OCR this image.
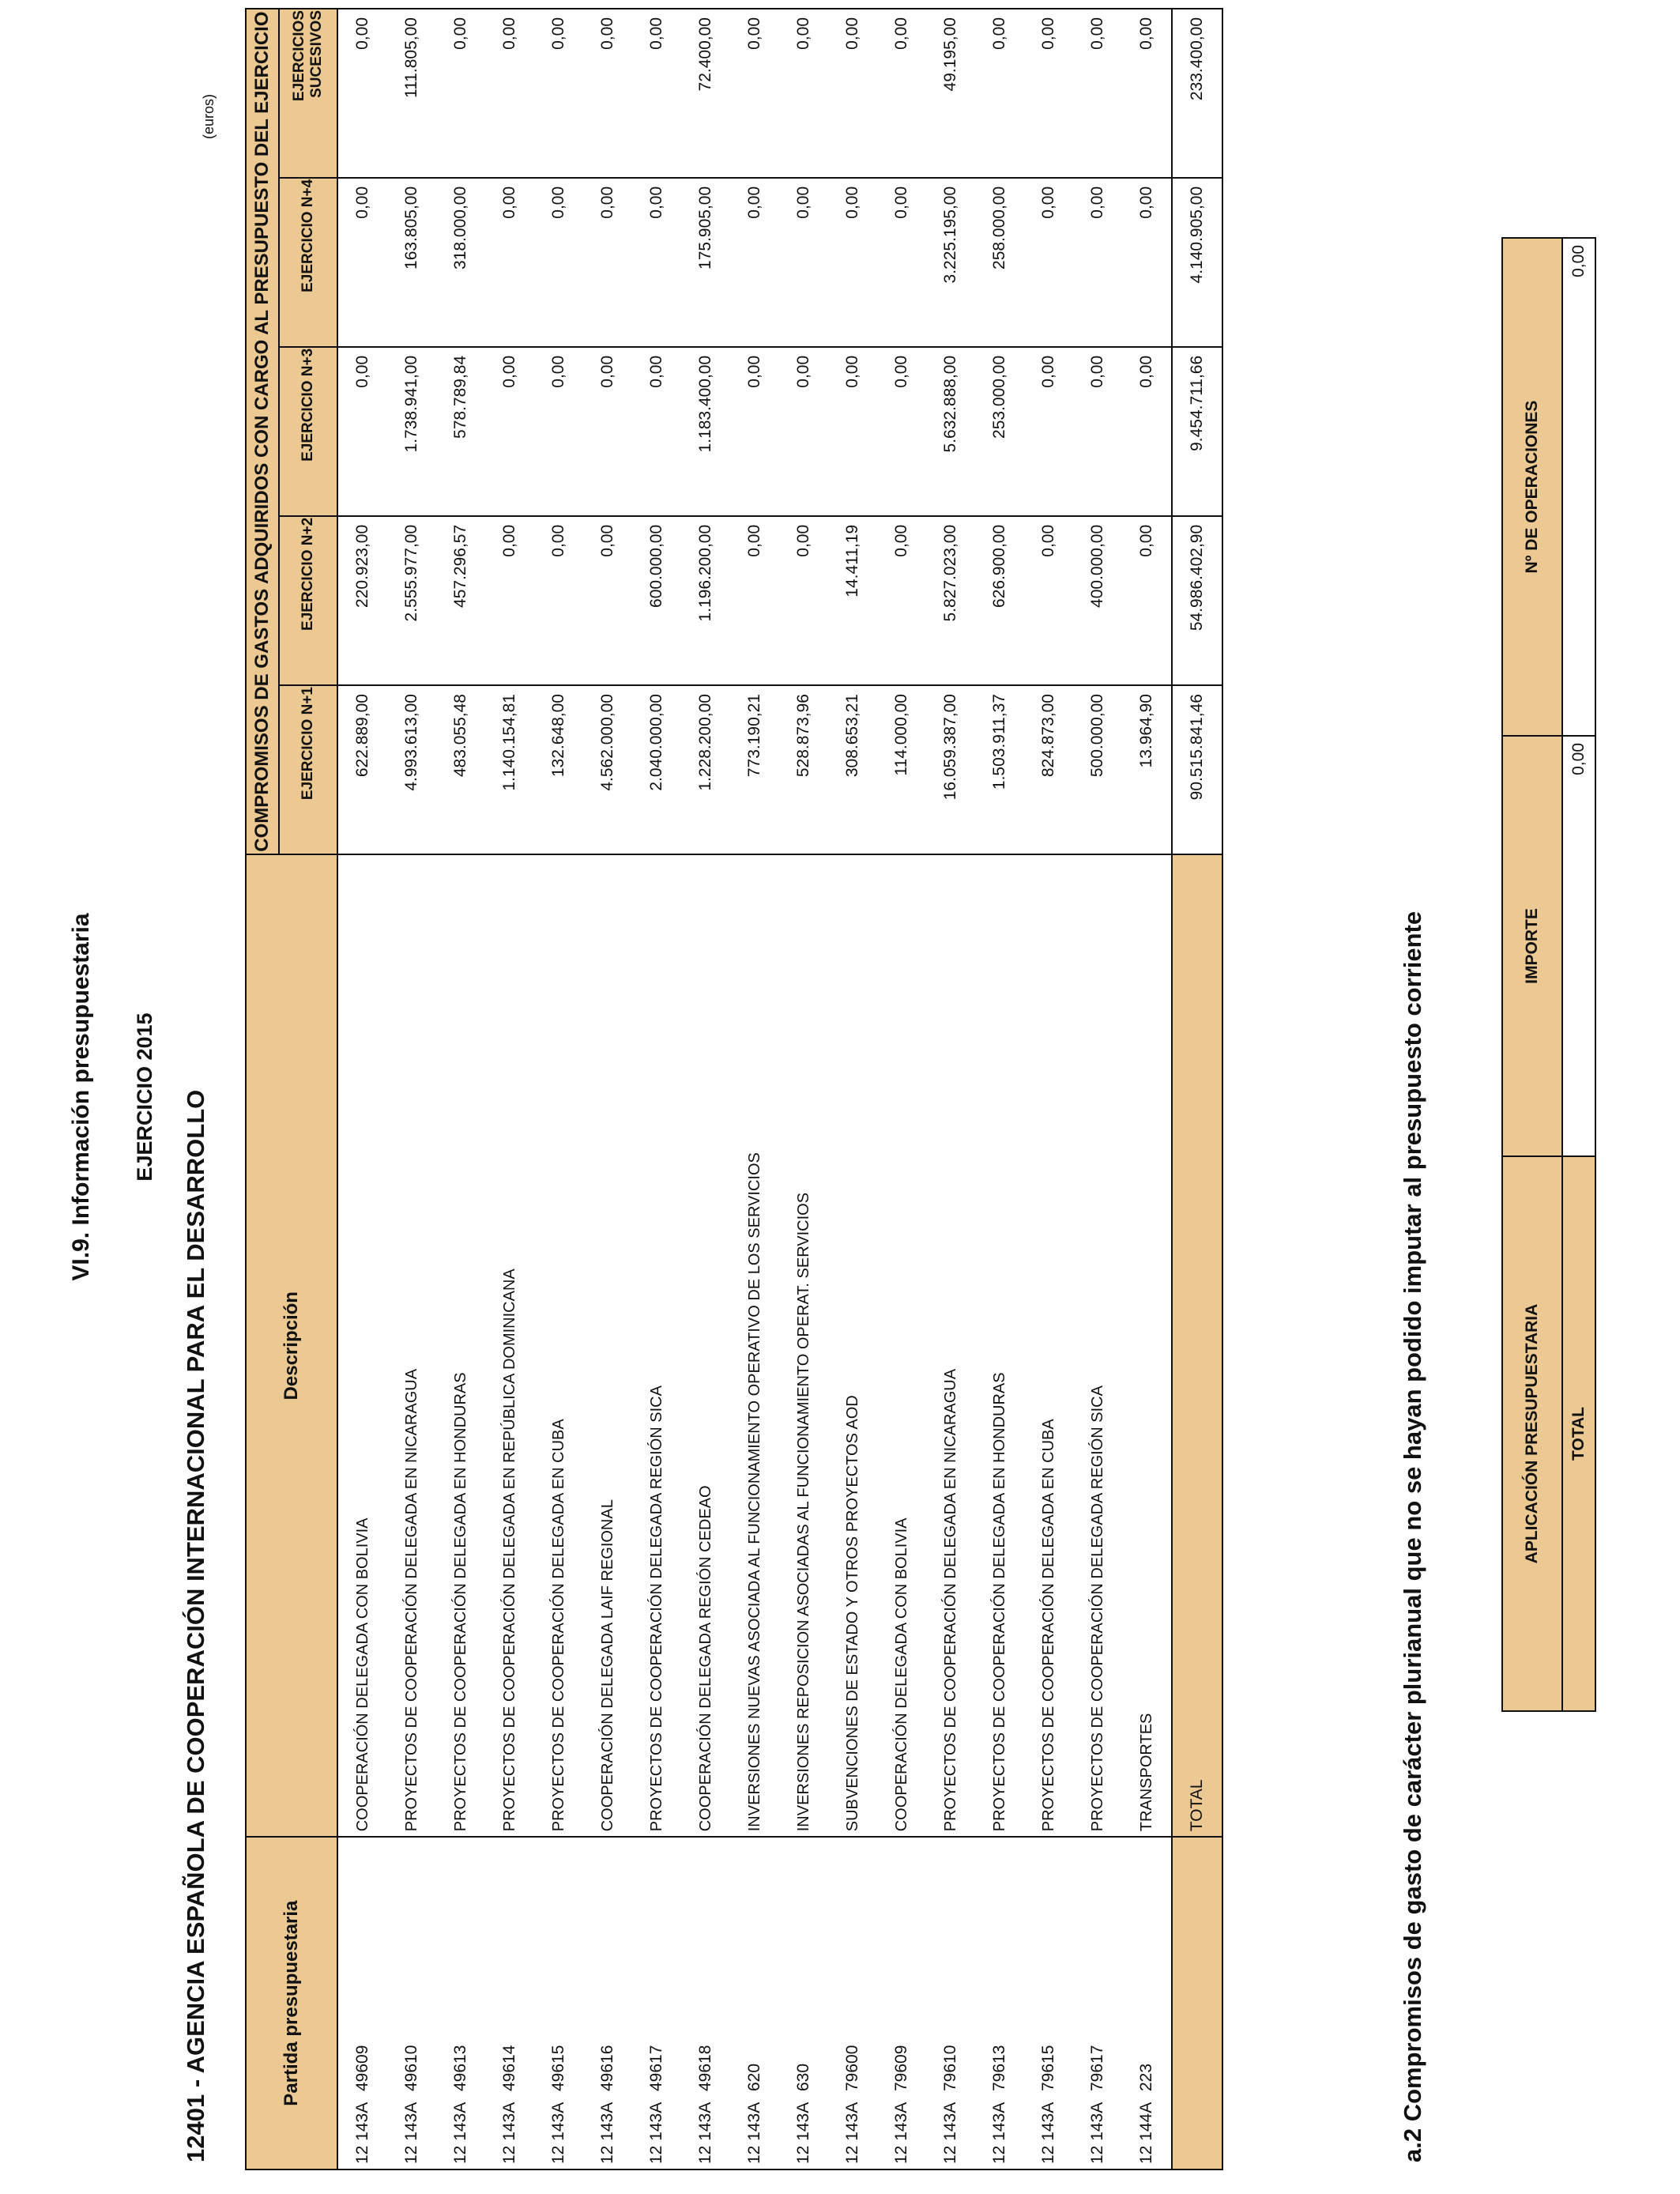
VI.9. Información presupuestaria EJERCICIO 2015 12401 - AGENCIA ESPAÑOLA DE COOPERACIÓN INTERNACIONAL PARA EL DESARROLLO
(euros)
Partida presupuestaria	Descripción	COMPROMISOS DE GASTOS ADQUIRIDOS CON CARGO AL PRESUPUESTO DEL EJERCICIO				
		EJERCICIO N+1	EJERCICIO N+2	EJERCICIO N+3	EJERCICIO N+4	EJERCICIOS SUCESIVOS
12 143A49609	COOPERACIÓN DELEGADA CON BOLIVIA	622.889,00	220.923,00	0,00	0,00	0,00
12 143A49610	PROYECTOS DE COOPERACIÓN DELEGADA EN NICARAGUA	4.993.613,00	2.555.977,00	1.738.941,00	163.805,00	111.805,00
12 143A49613	PROYECTOS DE COOPERACIÓN DELEGADA EN HONDURAS	483.055,48	457.296,57	578.789,84	318.000,00	0,00
12 143A49614	PROYECTOS DE COOPERACIÓN DELEGADA EN REPÚBLICA DOMINICANA	1.140.154,81	0,00	0,00	0,00	0,00
12 143A49615	PROYECTOS DE COOPERACIÓN DELEGADA EN CUBA	132.648,00	0,00	0,00	0,00	0,00
12 143A49616	COOPERACIÓN DELEGADA LAIF REGIONAL	4.562.000,00	0,00	0,00	0,00	0,00
12 143A49617	PROYECTOS DE COOPERACIÓN DELEGADA REGIÓN SICA	2.040.000,00	600.000,00	0,00	0,00	0,00
12 143A49618	COOPERACIÓN DELEGADA REGIÓN CEDEAO	1.228.200,00	1.196.200,00	1.183.400,00	175.905,00	72.400,00
12 143A620	INVERSIONES NUEVAS ASOCIADA AL FUNCIONAMIENTO OPERATIVO DE LOS SERVICIOS	773.190,21	0,00	0,00	0,00	0,00
12 143A630	INVERSIONES REPOSICION ASOCIADAS AL FUNCIONAMIENTO OPERAT. SERVICIOS	528.873,96	0,00	0,00	0,00	0,00
12 143A79600	SUBVENCIONES DE ESTADO Y OTROS PROYECTOS AOD	308.653,21	14.411,19	0,00	0,00	0,00
12 143A79609	COOPERACIÓN DELEGADA CON BOLIVIA	114.000,00	0,00	0,00	0,00	0,00
12 143A79610	PROYECTOS DE COOPERACIÓN DELEGADA EN NICARAGUA	16.059.387,00	5.827.023,00	5.632.888,00	3.225.195,00	49.195,00
12 143A79613	PROYECTOS DE COOPERACIÓN DELEGADA EN HONDURAS	1.503.911,37	626.900,00	253.000,00	258.000,00	0,00
12 143A79615	PROYECTOS DE COOPERACIÓN DELEGADA EN CUBA	824.873,00	0,00	0,00	0,00	0,00
12 143A79617	PROYECTOS DE COOPERACIÓN DELEGADA REGIÓN SICA	500.000,00	400.000,00	0,00	0,00	0,00
12 144A223	TRANSPORTES	13.964,90	0,00	0,00	0,00	0,00
	TOTAL	90.515.841,46	54.986.402,90	9.454.711,66	4.140.905,00	233.400,00
a.2 Compromisos de gasto de carácter plurianual que no se hayan podido imputar al presupuesto corriente	APLICACIÓN PRESUPUESTARIA	IMPORTE	Nº DE OPERACIONES
TOTAL	0,00	0,00
